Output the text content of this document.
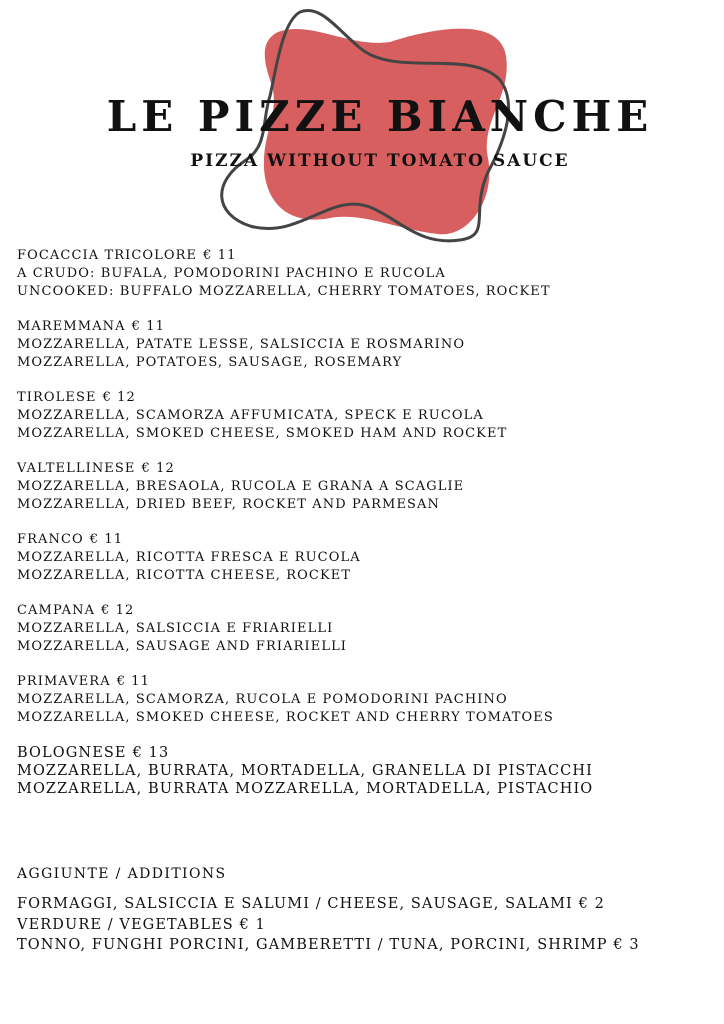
LE PIZZE BIANCHE
PIZZA WITHOUT TOMATO SAUCE
FOCACCIA TRICOLORE € 11
A CRUDO: BUFALA, POMODORINI PACHINO E RUCOLA
UNCOOKED: BUFFALO MOZZARELLA, CHERRY TOMATOES, ROCKET
MAREMMANA € 11
MOZZARELLA, PATATE LESSE, SALSICCIA E ROSMARINO
MOZZARELLA, POTATOES, SAUSAGE, ROSEMARY
TIROLESE € 12
MOZZARELLA, SCAMORZA AFFUMICATA, SPECK E RUCOLA
MOZZARELLA, SMOKED CHEESE, SMOKED HAM AND ROCKET
VALTELLINESE € 12
MOZZARELLA, BRESAOLA, RUCOLA E GRANA A SCAGLIE
MOZZARELLA, DRIED BEEF, ROCKET AND PARMESAN
FRANCO € 11
MOZZARELLA, RICOTTA FRESCA E RUCOLA
MOZZARELLA, RICOTTA CHEESE, ROCKET
CAMPANA € 12
MOZZARELLA, SALSICCIA E FRIARIELLI
MOZZARELLA, SAUSAGE AND FRIARIELLI
PRIMAVERA € 11
MOZZARELLA, SCAMORZA, RUCOLA E POMODORINI PACHINO
MOZZARELLA, SMOKED CHEESE, ROCKET AND CHERRY TOMATOES
BOLOGNESE € 13
MOZZARELLA, BURRATA, MORTADELLA, GRANELLA DI PISTACCHI
MOZZARELLA, BURRATA MOZZARELLA, MORTADELLA, PISTACHIO
AGGIUNTE / ADDITIONS
FORMAGGI, SALSICCIA E SALUMI / CHEESE, SAUSAGE, SALAMI € 2
VERDURE / VEGETABLES € 1
TONNO, FUNGHI PORCINI, GAMBERETTI / TUNA, PORCINI, SHRIMP € 3
